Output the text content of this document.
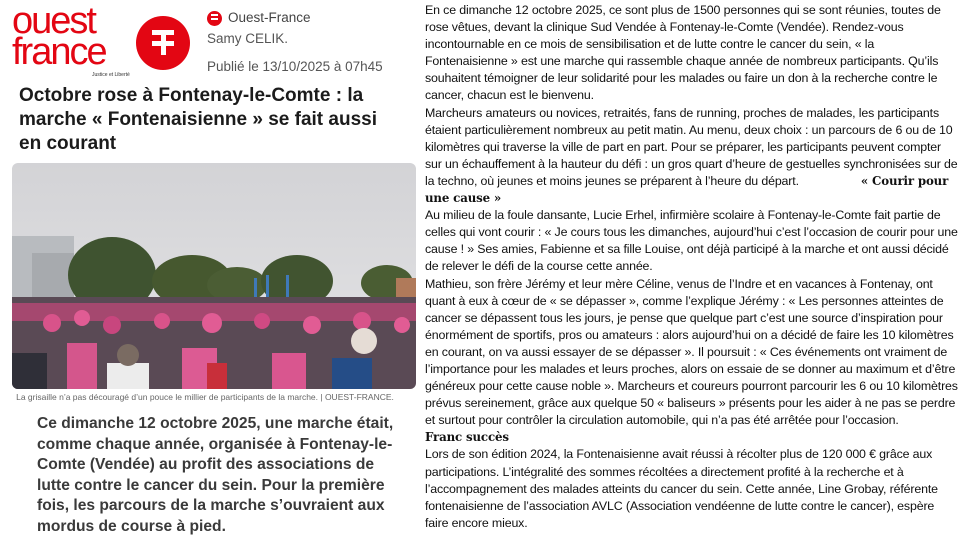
ouest
france
Justice et Liberté
Ouest-France
Samy CELIK.
Publié le 13/10/2025 à 07h45
Octobre rose à Fontenay-le-Comte : la marche « Fontenaisienne » se fait aussi en courant
La grisaille n’a pas découragé d’un pouce le millier de participants de la marche. | OUEST-FRANCE.

Ce dimanche 12 octobre 2025, une marche était, comme chaque année, organisée à Fontenay-le-Comte (Vendée) au profit des associations de lutte contre le cancer du sein. Pour la première fois, les parcours de la marche s’ouvraient aux mordus de course à pied.

En ce dimanche 12 octobre 2025, ce sont plus de 1500 personnes qui se sont réunies, toutes de rose vêtues, devant la clinique Sud Vendée à Fontenay-le-Comte (Vendée). Rendez-vous incontournable en ce mois de sensibilisation et de lutte contre le cancer du sein, « la Fontenaisienne » est une marche qui rassemble chaque année de nombreux participants. Qu’ils souhaitent témoigner de leur solidarité pour les malades ou faire un don à la recherche contre le cancer, chacun est le bienvenu.

Marcheurs amateurs ou novices, retraités, fans de running, proches de malades, les participants étaient particulièrement nombreux au petit matin. Au menu, deux choix : un parcours de 6 ou de 10 kilomètres qui traverse la ville de part en part. Pour se préparer, les participants peuvent compter sur un échauffement à la hauteur du défi : un gros quart d’heure de gestuelles synchronisées sur de la techno, où jeunes et moins jeunes se préparent à l’heure du départ.	« Courir pour une cause »

Au milieu de la foule dansante, Lucie Erhel, infirmière scolaire à Fontenay-le-Comte fait partie de celles qui vont courir : « Je cours tous les dimanches, aujourd’hui c’est l’occasion de courir pour une cause ! » Ses amies, Fabienne et sa fille Louise, ont déjà participé à la marche et ont aussi décidé de relever le défi de la course cette année.

Mathieu, son frère Jérémy et leur mère Céline, venus de l’Indre et en vacances à Fontenay, ont quant à eux à cœur de « se dépasser », comme l’explique Jérémy : « Les personnes atteintes de cancer se dépassent tous les jours, je pense que quelque part c’est une source d’inspiration pour énormément de sportifs, pros ou amateurs : alors aujourd’hui on a décidé de faire les 10 kilomètres en courant, on va aussi essayer de se dépasser ». Il poursuit : « Ces événements ont vraiment de l’importance pour les malades et leurs proches, alors on essaie de se donner au maximum et d’être généreux pour cette cause noble ». Marcheurs et coureurs pourront parcourir les 6 ou 10 kilomètres prévus sereinement, grâce aux quelque 50 « baliseurs » présents pour les aider à ne pas se perdre et surtout pour contrôler la circulation automobile, qui n’a pas été arrêtée pour l’occasion.Franc succès

Lors de son édition 2024, la Fontenaisienne avait réussi à récolter plus de 120 000 € grâce aux participations. L’intégralité des sommes récoltées a directement profité à la recherche et à l’accompagnement des malades atteints du cancer du sein. Cette année, Line Grobay, référente fontenaisienne de l’association AVLC (Association vendéenne de lutte contre le cancer), espère faire encore mieux.
